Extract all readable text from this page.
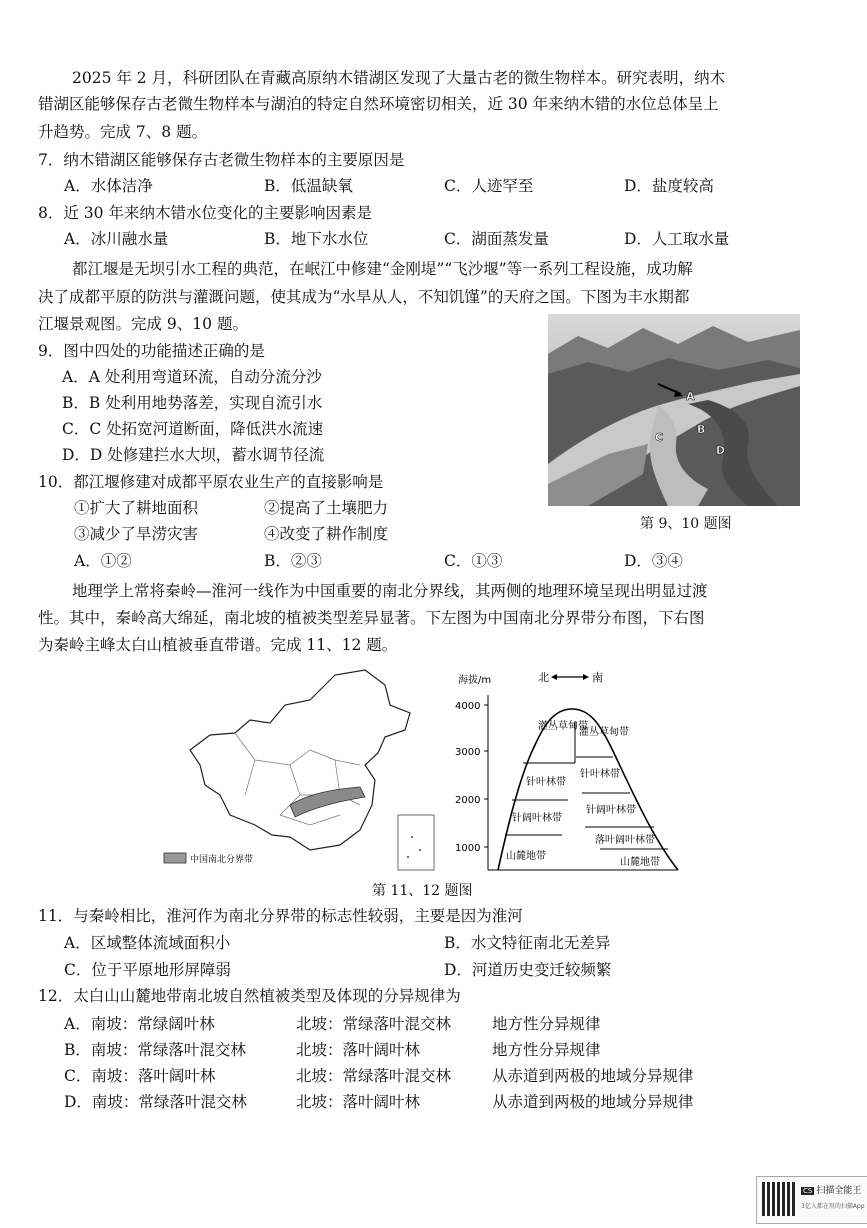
2025 年 2 月，科研团队在青藏高原纳木错湖区发现了大量古老的微生物样本。研究表明，纳木
错湖区能够保存古老微生物样本与湖泊的特定自然环境密切相关，近 30 年来纳木错的水位总体呈上
升趋势。完成 7、8 题。
7．纳木错湖区能够保存古老微生物样本的主要原因是
A．水体洁净	B．低温缺氧	C．人迹罕至	D．盐度较高
8．近 30 年来纳木错水位变化的主要影响因素是
A．冰川融水量	B．地下水水位	C．湖面蒸发量	D．人工取水量
都江堰是无坝引水工程的典范，在岷江中修建“金刚堤”“飞沙堰”等一系列工程设施，成功解
决了成都平原的防洪与灌溉问题，使其成为“水旱从人，不知饥馑”的天府之国。下图为丰水期都
江堰景观图。完成 9、10 题。
9．图中四处的功能描述正确的是
A．A 处利用弯道环流，自动分流分沙
B．B 处利用地势落差，实现自流引水
C．C 处拓宽河道断面，降低洪水流速
D．D 处修建拦水大坝，蓄水调节径流
A
B
C
D
第 9、10 题图
10．都江堰修建对成都平原农业生产的直接影响是
①扩大了耕地面积	②提高了土壤肥力
③减少了旱涝灾害	④改变了耕作制度
A．①②	B．②③	C．①③	D．③④
地理学上常将秦岭—淮河一线作为中国重要的南北分界线，其两侧的地理环境呈现出明显过渡
性。其中，秦岭高大绵延，南北坡的植被类型差异显著。下左图为中国南北分界带分布图，下右图
为秦岭主峰太白山植被垂直带谱。完成 11、12 题。
中国南北分界带
海拔/m	北	南
4000
3000
2000
1000
灌丛草甸带
针叶林带
针阔叶林带
山麓地带
灌丛草甸带
针叶林带
针阔叶林带
落叶阔叶林带
山麓地带
第 11、12 题图
11．与秦岭相比，淮河作为南北分界带的标志性较弱，主要是因为淮河
A．区域整体流域面积小	B．水文特征南北无差异
C．位于平原地形屏障弱	D．河道历史变迁较频繁
12．太白山山麓地带南北坡自然植被类型及体现的分异规律为
A．南坡：常绿阔叶林	北坡：常绿落叶混交林	地方性分异规律
B．南坡：常绿落叶混交林	北坡：落叶阔叶林	地方性分异规律
C．南坡：落叶阔叶林	北坡：常绿落叶混交林	从赤道到两极的地域分异规律
D．南坡：常绿落叶混交林	北坡：落叶阔叶林	从赤道到两极的地域分异规律
CS 扫描全能王
3亿人都在用的扫描App
